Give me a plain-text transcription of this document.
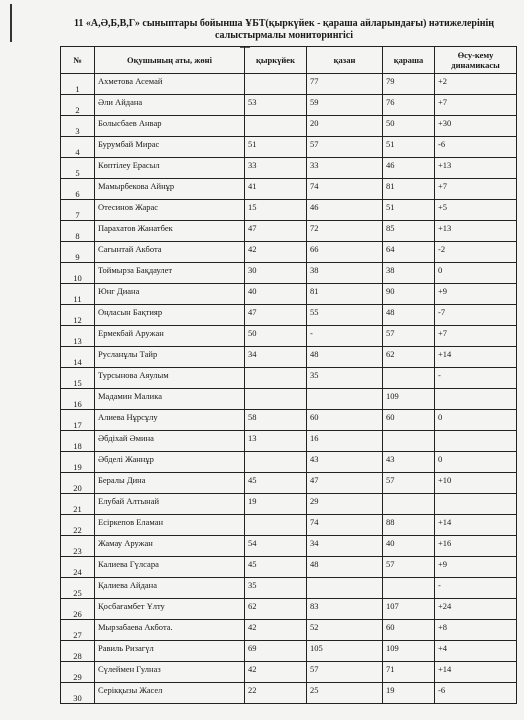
11 «А,Ә,Б,В,Г» сыныптары бойынша ҰБТ(қыркүйек - қараша айларындағы) нәтижелерінің
салыстырмалы мониторингісі
№	Оқушының аты, жөні	қыркүйек	қазан	қараша	Өсу-кему динамикасы
1	Ахметова Асемай		77	79	+2
2	Әли Айдана	53	59	76	+7
3	Болысбаев Анвар		20	50	+30
4	Бурумбай Мирас	51	57	51	-6
5	Көптілеу Ерасыл	33	33	46	+13
6	Мамырбекова Айнұр	41	74	81	+7
7	Отесинов Жарас	15	46	51	+5
8	Парахатов Жанатбек	47	72	85	+13
9	Сағынтай Акбота	42	66	64	-2
10	Тоймырза Бақдаулет	30	38	38	0
11	Юнг Диана	40	81	90	+9
12	Оңласын Бақтияр	47	55	48	-7
13	Ермекбай Аружан	50	-	57	+7
14	Русланұлы Тайр	34	48	62	+14
15	Турсынова Аяулым		35		-
16	Мадамин Малика			109	
17	Алиева Нұрсұлу	58	60	60	0
18	Әбдіхай Әмина	13	16		
19	Әбделі Жаннұр		43	43	0
20	Бералы Дина	45	47	57	+10
21	Елубай Алтынай	19	29		
22	Есіркепов Еламан		74	88	+14
23	Жамау Аружан	54	34	40	+16
24	Калиева Гүлсара	45	48	57	+9
25	Қалиева Айдана	35			-
26	Қосбағамбет Ұлту	62	83	107	+24
27	Мырзабаева Акбота.	42	52	60	+8
28	Равиль Ризагүл	69	105	109	+4
29	Сүлеймен Гулназ	42	57	71	+14
30	Серікқызы Жасел	22	25	19	-6
